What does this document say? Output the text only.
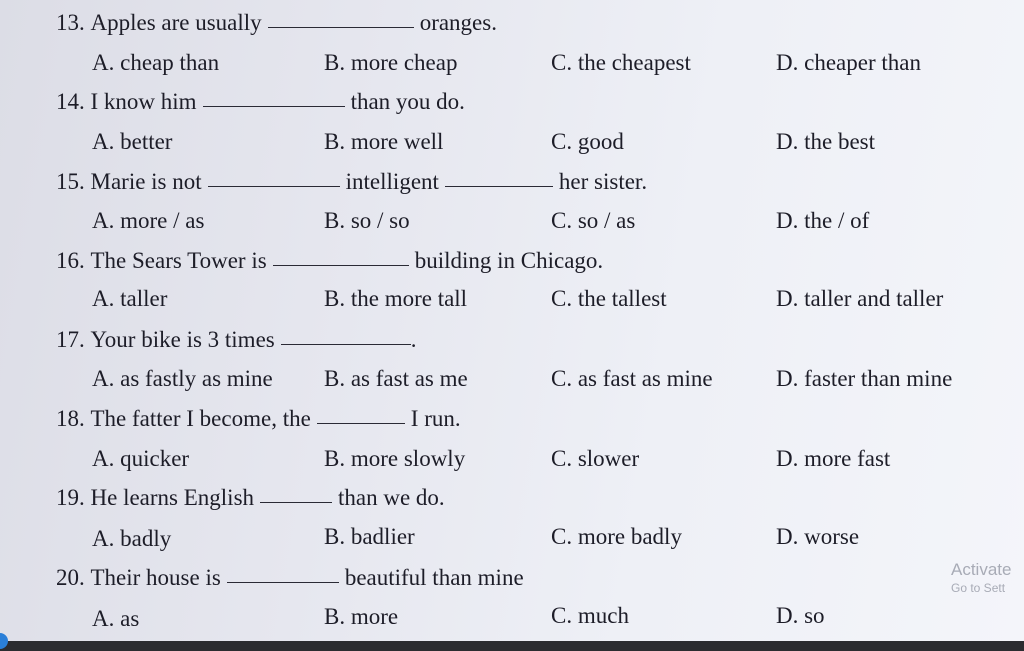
13.
Apples are usually	oranges.
A. cheap than	B. more cheap	C. the cheapest	D. cheaper than
14.
I know him	than you do.
A. better	B. more well	C. good	D. the best
15.
Marie is not	intelligent	her sister.
A. more / as	B. so / so	C. so / as	D. the / of
16.
The Sears Tower is	building in Chicago.
A. taller	B. the more tall	C. the tallest	D. taller and taller
17.
Your bike is 3 times	.
A. as fastly as mine B. as fast as me	C. as fast as mine	D. faster than mine
18.
The fatter I become, the	I run.
A. quicker	B. more slowly	C. slower	D. more fast
19.
He learns English	than we do.
A. badly	B. badlier	C. more badly	D. worse
20.
Their house is	beautiful than mine
A. as	B. more	C. much	D. so
Activate
Go to Sett
